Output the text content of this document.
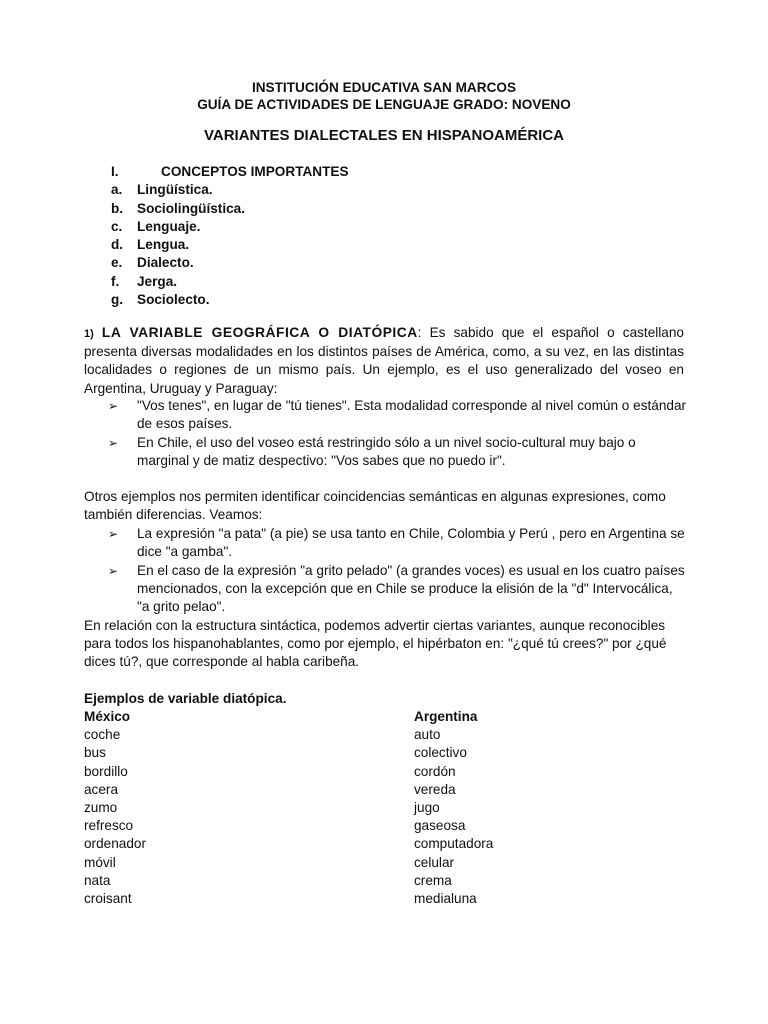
INSTITUCIÓN EDUCATIVA SAN MARCOS
GUÍA DE ACTIVIDADES DE LENGUAJE GRADO: NOVENO
VARIANTES DIALECTALES EN HISPANOAMÉRICA
I.	CONCEPTOS IMPORTANTES
a. Lingüística.
b. Sociolingüística.
c. Lenguaje.
d. Lengua.
e. Dialecto.
f. Jerga.
g. Sociolecto.
1) LA VARIABLE GEOGRÁFICA O DIATÓPICA: Es sabido que el español o castellano presenta diversas modalidades en los distintos países de América, como, a su vez, en las distintas localidades o regiones de un mismo país. Un ejemplo, es el uso generalizado del voseo en Argentina, Uruguay y Paraguay:
➢ "Vos tenes", en lugar de "tú tienes". Esta modalidad corresponde al nivel común o estándar de esos países.
➢ En Chile, el uso del voseo está restringido sólo a un nivel socio-cultural muy bajo o marginal y de matiz despectivo: "Vos sabes que no puedo ir".
Otros ejemplos nos permiten identificar coincidencias semánticas en algunas expresiones, como también diferencias. Veamos:
➢ La expresión "a pata" (a pie) se usa tanto en Chile, Colombia y Perú , pero en Argentina se dice "a gamba".
➢ En el caso de la expresión "a grito pelado" (a grandes voces) es usual en los cuatro países mencionados, con la excepción que en Chile se produce la elisión de la "d" Intervocálica, "a grito pelao".
En relación con la estructura sintáctica, podemos advertir ciertas variantes, aunque reconocibles para todos los hispanohablantes, como por ejemplo, el hipérbaton en: "¿qué tú crees?" por ¿qué dices tú?, que corresponde al habla caribeña.
Ejemplos de variable diatópica.
México	Argentina
coche	auto
bus	colectivo
bordillo	cordón
acera	vereda
zumo	jugo
refresco	gaseosa
ordenador	computadora
móvil	celular
nata	crema
croisant	medialuna
